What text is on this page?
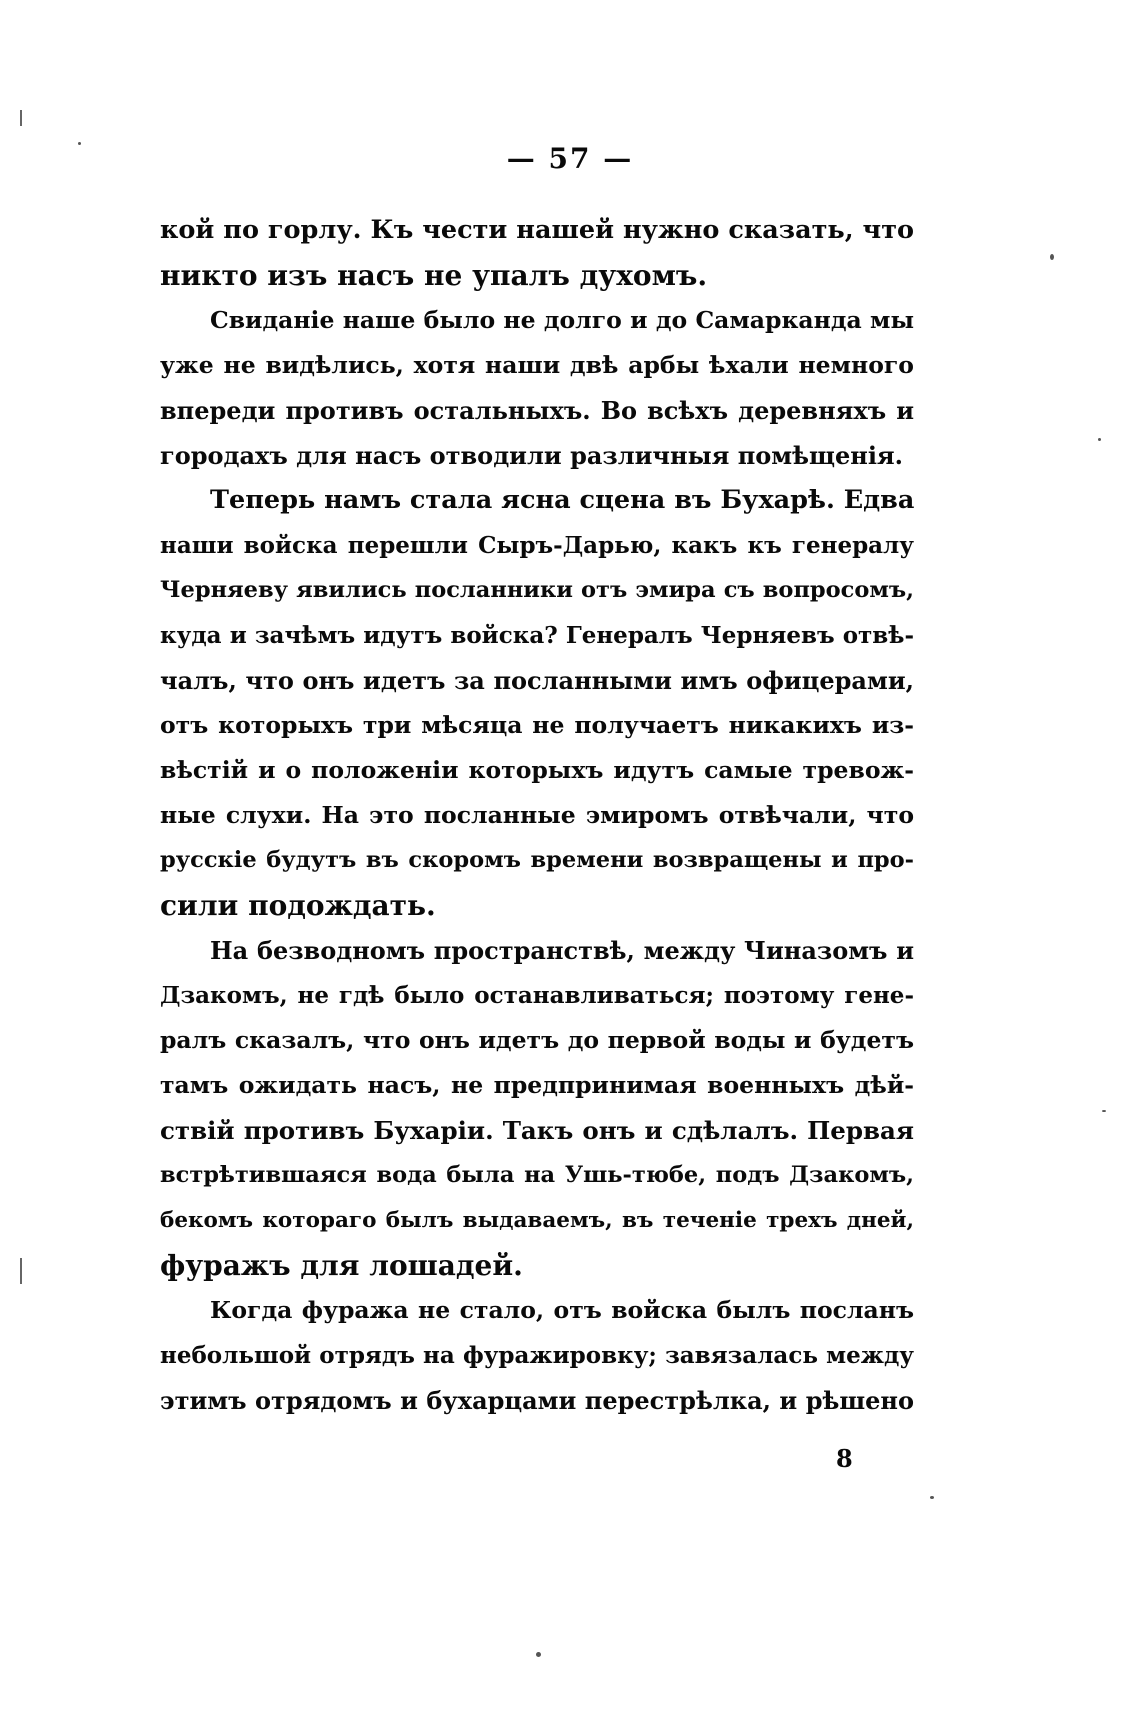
— 57 —
кой по горлу. Къ чести нашей нужно сказать, что
никто изъ насъ не упалъ духомъ.
Свиданіе наше было не долго и до Самарканда мы
уже не видѣлись, хотя наши двѣ арбы ѣхали немного
впереди противъ остальныхъ. Во всѣхъ деревняхъ и
городахъ для насъ отводили различныя помѣщенія.
Теперь намъ стала ясна сцена въ Бухарѣ. Едва
наши войска перешли Сыръ-Дарью, какъ къ генералу
Черняеву явились посланники отъ эмира съ вопросомъ,
куда и зачѣмъ идутъ войска? Генералъ Черняевъ отвѣ-
чалъ, что онъ идетъ за посланными имъ офицерами,
отъ которыхъ три мѣсяца не получаетъ никакихъ из-
вѣстій и о положеніи которыхъ идутъ самые тревож-
ные слухи. На это посланные эмиромъ отвѣчали, что
русскіе будутъ въ скоромъ времени возвращены и про-
сили подождать.
На безводномъ пространствѣ, между Чиназомъ и
Дзакомъ, не гдѣ было останавливаться; поэтому гене-
ралъ сказалъ, что онъ идетъ до первой воды и будетъ
тамъ ожидать насъ, не предпринимая военныхъ дѣй-
ствій противъ Бухаріи. Такъ онъ и сдѣлалъ. Первая
встрѣтившаяся вода была на Ушь-тюбе, подъ Дзакомъ,
бекомъ котораго былъ выдаваемъ, въ теченіе трехъ дней,
фуражъ для лошадей.
Когда фуража не стало, отъ войска былъ посланъ
небольшой отрядъ на фуражировку; завязалась между
этимъ отрядомъ и бухарцами перестрѣлка, и рѣшено
8
